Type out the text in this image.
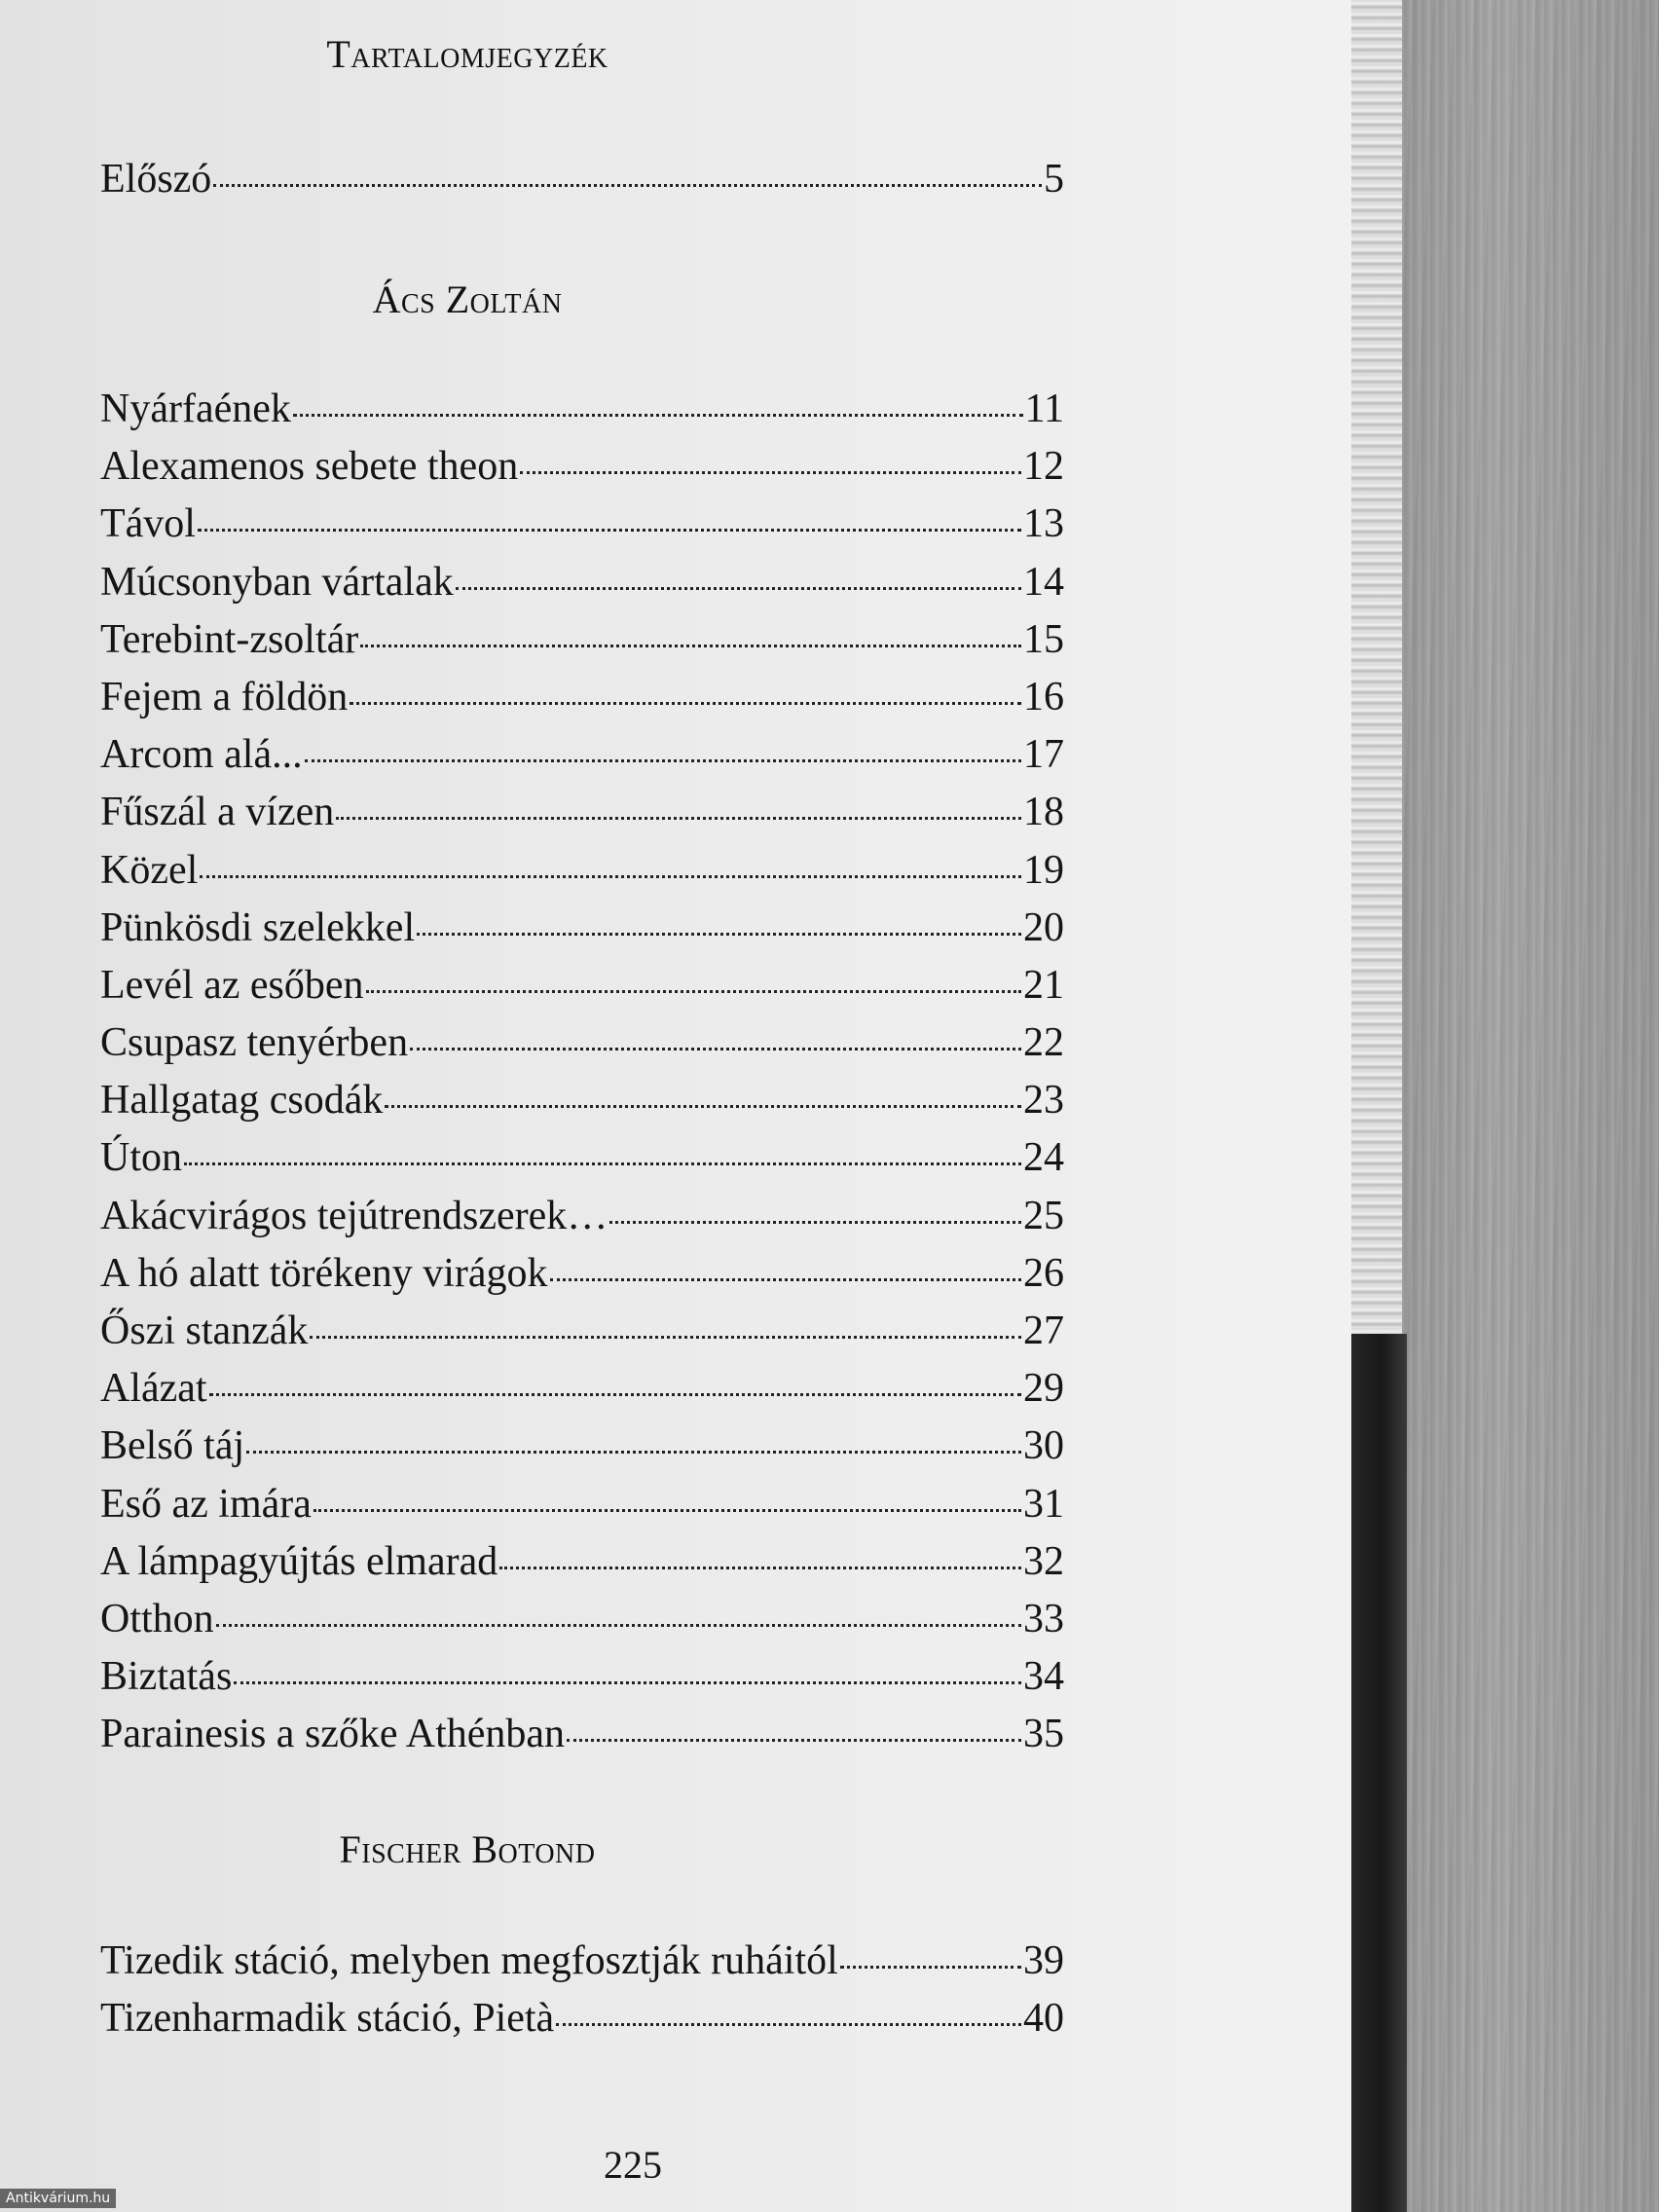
Tartalomjegyzék
Előszó	5
Ács Zoltán
Nyárfaének	11
Alexamenos sebete theon	12
Távol	13
Múcsonyban vártalak	14
Terebint-zsoltár	15
Fejem a földön	16
Arcom alá...	17
Fűszál a vízen	18
Közel	19
Pünkösdi szelekkel	20
Levél az esőben	21
Csupasz tenyérben	22
Hallgatag csodák	23
Úton	24
Akácvirágos tejútrendszerek…	25
A hó alatt törékeny virágok	26
Őszi stanzák	27
Alázat	29
Belső táj	30
Eső az imára	31
A lámpagyújtás elmarad	32
Otthon	33
Biztatás	34
Parainesis a szőke Athénban	35
Fischer Botond
Tizedik stáció, melyben megfosztják ruháitól	39
Tizenharmadik stáció, Pietà	40
225
Antikvárium.hu
